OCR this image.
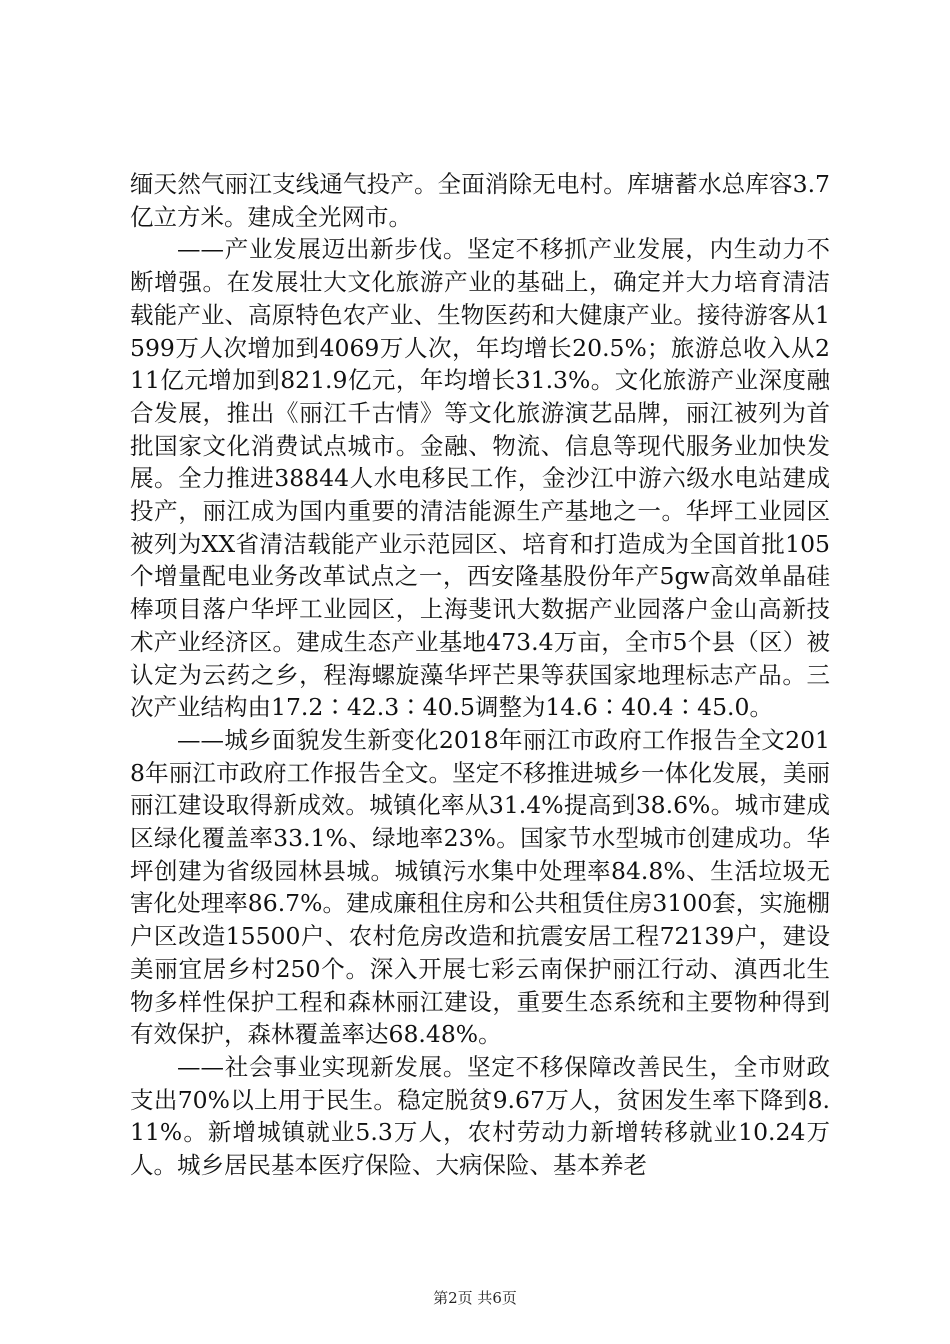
缅天然气丽江支线通气投产。全面消除无电村。库塘蓄水总库容3.7亿立方米。建成全光网市。

——产业发展迈出新步伐。坚定不移抓产业发展，内生动力不断增强。在发展壮大文化旅游产业的基础上，确定并大力培育清洁载能产业、高原特色农产业、生物医药和大健康产业。接待游客从1599万人次增加到4069万人次，年均增长20.5%；旅游总收入从211亿元增加到821.9亿元，年均增长31.3%。文化旅游产业深度融合发展，推出《丽江千古情》等文化旅游演艺品牌，丽江被列为首批国家文化消费试点城市。金融、物流、信息等现代服务业加快发展。全力推进38844人水电移民工作，金沙江中游六级水电站建成投产，丽江成为国内重要的清洁能源生产基地之一。华坪工业园区被列为XX省清洁载能产业示范园区、培育和打造成为全国首批105个增量配电业务改革试点之一，西安隆基股份年产5gw高效单晶硅棒项目落户华坪工业园区，上海斐讯大数据产业园落户金山高新技术产业经济区。建成生态产业基地473.4万亩，全市5个县（区）被认定为云药之乡，程海螺旋藻华坪芒果等获国家地理标志产品。三次产业结构由17.2∶42.3∶40.5调整为14.6∶40.4∶45.0。

——城乡面貌发生新变化2018年丽江市政府工作报告全文2018年丽江市政府工作报告全文。坚定不移推进城乡一体化发展，美丽丽江建设取得新成效。城镇化率从31.4%提高到38.6%。城市建成区绿化覆盖率33.1%、绿地率23%。国家节水型城市创建成功。华坪创建为省级园林县城。城镇污水集中处理率84.8%、生活垃圾无害化处理率86.7%。建成廉租住房和公共租赁住房3100套，实施棚户区改造15500户、农村危房改造和抗震安居工程72139户，建设美丽宜居乡村250个。深入开展七彩云南保护丽江行动、滇西北生物多样性保护工程和森林丽江建设，重要生态系统和主要物种得到有效保护，森林覆盖率达68.48%。

——社会事业实现新发展。坚定不移保障改善民生，全市财政支出70%以上用于民生。稳定脱贫9.67万人，贫困发生率下降到8.11%。新增城镇就业5.3万人，农村劳动力新增转移就业10.24万人。城乡居民基本医疗保险、大病保险、基本养老

第2页 共6页
